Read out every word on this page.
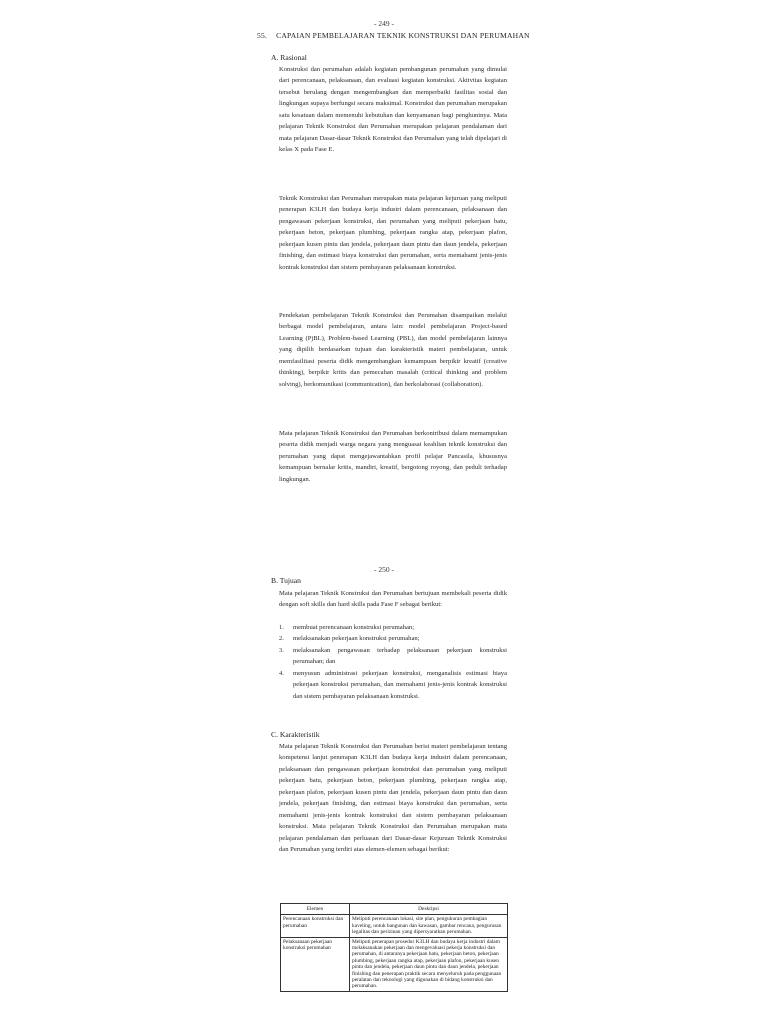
- 249 -
55. CAPAIAN PEMBELAJARAN TEKNIK KONSTRUKSI DAN PERUMAHAN
A. Rasional
Konstruksi dan perumahan adalah kegiatan pembangunan perumahan yang dimulai dari perencanaan, pelaksanaan, dan evaluasi kegiatan konstruksi. Aktivitas kegiatan tersebut berulang dengan mengembangkan dan memperbaiki fasilitas sosial dan lingkungan supaya berfungsi secara maksimal. Konstruksi dan perumahan merupakan satu kesatuan dalam memenuhi kebutuhan dan kenyamanan bagi penghuninya. Mata pelajaran Teknik Konstruksi dan Perumahan merupakan pelajaran pendalaman dari mata pelajaran Dasar-dasar Teknik Konstruksi dan Perumahan yang telah dipelajari di kelas X pada Fase E.
Teknik Konstruksi dan Perumahan merupakan mata pelajaran kejuruan yang meliputi penerapan K3LH dan budaya kerja industri dalam perencanaan, pelaksanaan dan pengawasan pekerjaan konstruksi, dan perumahan yang meliputi pekerjaan batu, pekerjaan beton, pekerjaan plumbing, pekerjaan rangka atap, pekerjaan plafon, pekerjaan kusen pintu dan jendela, pekerjaan daun pintu dan daun jendela, pekerjaan finishing, dan estimasi biaya konstruksi dan perumahan, serta memahami jenis-jenis kontrak konstruksi dan sistem pembayaran pelaksanaan konstruksi.
Pendekatan pembelajaran Teknik Konstruksi dan Perumahan disampaikan melalui berbagai model pembelajaran, antara lain: model pembelajaran Project-based Learning (PjBL), Problem-based Learning (PBL), dan model pembelajaran lainnya yang dipilih berdasarkan tujuan dan karakteristik materi pembelajaran, untuk memfasilitasi peserta didik mengembangkan kemampuan berpikir kreatif (creative thinking), berpikir kritis dan pemecahan masalah (critical thinking and problem solving), berkomunikasi (communication), dan berkolaborasi (collaboration).
Mata pelajaran Teknik Konstruksi dan Perumahan berkontribusi dalam memampukan peserta didik menjadi warga negara yang menguasai keahlian teknik konstruksi dan perumahan yang dapat mengejawantahkan profil pelajar Pancasila, khususnya kemampuan bernalar kritis, mandiri, kreatif, bergotong royong, dan peduli terhadap lingkungan.
- 250 -
B. Tujuan
Mata pelajaran Teknik Konstruksi dan Perumahan bertujuan membekali peserta didik dengan soft skills dan hard skills pada Fase F sebagai berikut:
1.	membuat perencanaan konstruksi perumahan;
2.	melaksanakan pekerjaan konstruksi perumahan;
3.	melaksanakan pengawasan terhadap pelaksanaan pekerjaan konstruksi perumahan; dan
4.	menyusun administrasi pekerjaan konstruksi, menganalisis estimasi biaya pekerjaan konstruksi perumahan, dan memahami jenis-jenis kontrak konstruksi dan sistem pembayaran pelaksanaan konstruksi.
C. Karakteristik
Mata pelajaran Teknik Konstruksi dan Perumahan berisi materi pembelajaran tentang kompetensi lanjut penerapan K3LH dan budaya kerja industri dalam perencanaan, pelaksanaan dan pengawasan pekerjaan konstruksi dan perumahan yang meliputi pekerjaan batu, pekerjaan beton, pekerjaan plumbing, pekerjaan rangka atap, pekerjaan plafon, pekerjaan kusen pintu dan jendela, pekerjaan daun pintu dan daun jendela, pekerjaan finishing, dan estimasi biaya konstruksi dan perumahan, serta memahami jenis-jenis kontrak konstruksi dan sistem pembayaran pelaksanaan konstruksi. Mata pelajaran Teknik Konstruksi dan Perumahan merupakan mata pelajaran pendalaman dan perluasan dari Dasar-dasar Kejuruan Teknik Konstruksi dan Perumahan yang terdiri atas elemen-elemen sebagai berikut:
Elemen	Deskripsi
Perencanaan konstruksi dan perumahan	Meliputi perencanaan lokasi, site plan, pengukuran pembagian kaveling, untuk bangunan dan kawasan, gambar rencana, pengurusan legalitas dan perizinan yang dipersyaratkan perumahan.
Pelaksanaan pekerjaan konstruksi perumahan	Meliputi penerapan prosedur K3LH dan budaya kerja industri dalam melaksanakan pekerjaan dan mengevaluasi pekerja konstruksi dan perumahan, di antaranya pekerjaan batu, pekerjaan beton, pekerjaan plumbing, pekerjaan rangka atap, pekerjaan plafon, pekerjaan kusen pintu dan jendela, pekerjaan daun pintu dan daun jendela, pekerjaan finishing dan penerapan praktik secara menyeluruh pada penggunaan peralatan dan teknologi yang digunakan di bidang konstruksi dan perumahan.
